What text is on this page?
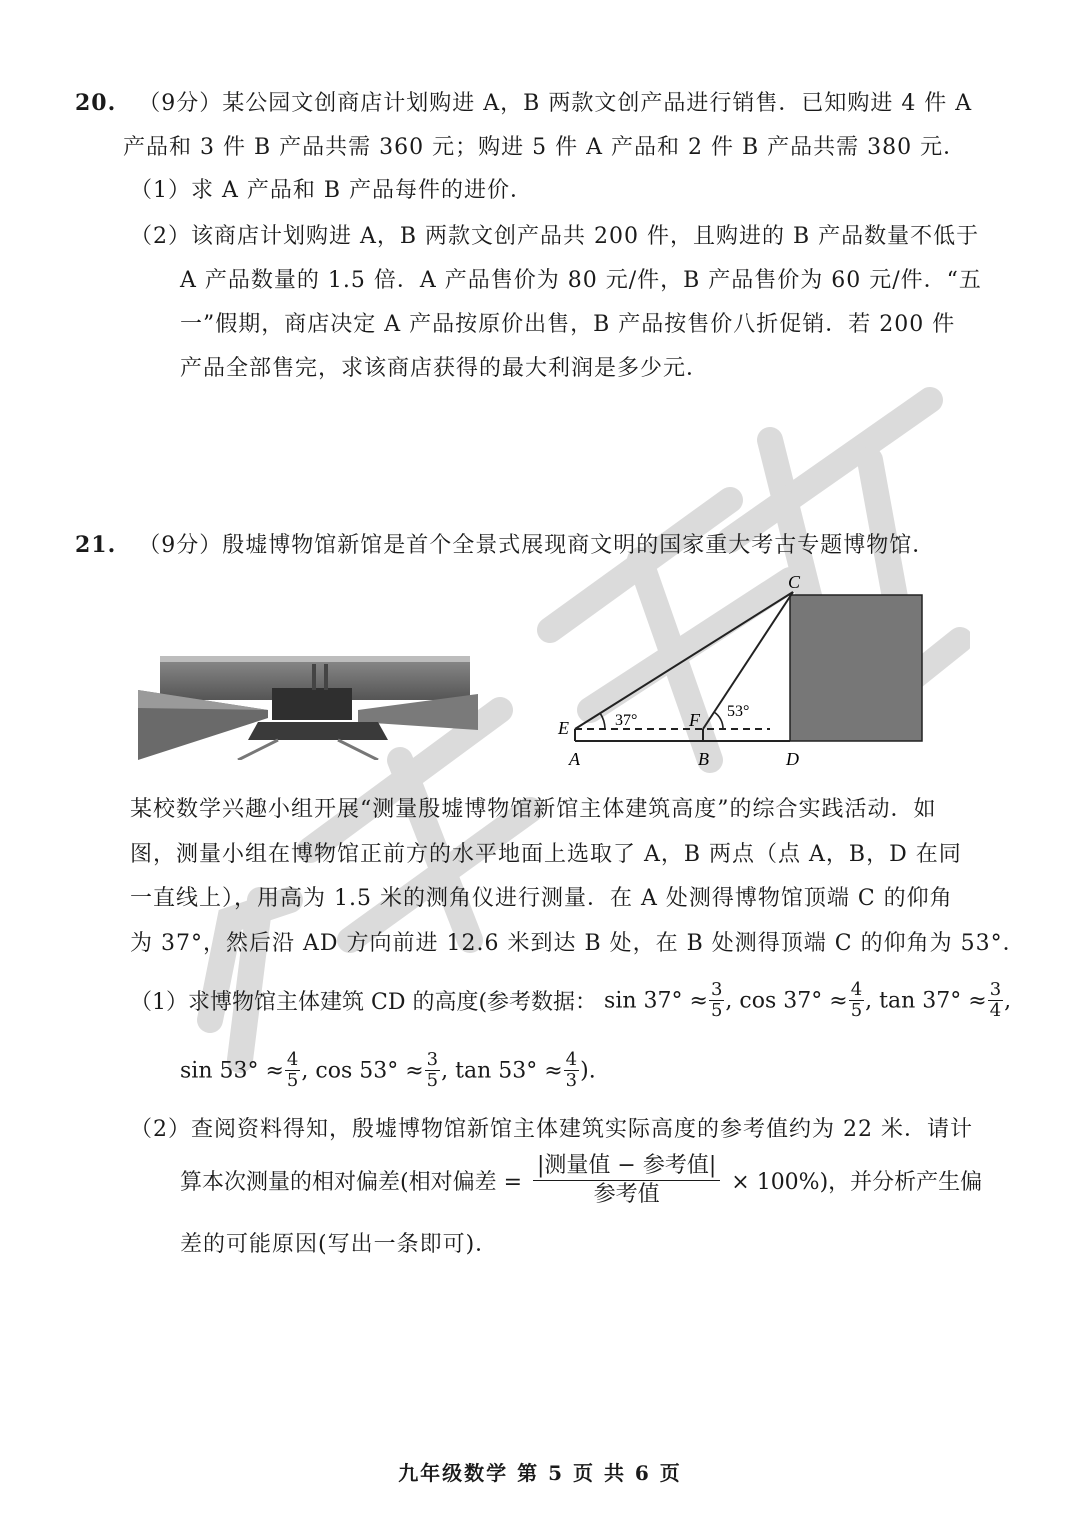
20. （9分）某公园文创商店计划购进 A，B 两款文创产品进行销售．已知购进 4 件 A
产品和 3 件 B 产品共需 360 元；购进 5 件 A 产品和 2 件 B 产品共需 380 元．
（1）求 A 产品和 B 产品每件的进价．
（2）该商店计划购进 A，B 两款文创产品共 200 件，且购进的 B 产品数量不低于
A 产品数量的 1.5 倍．A 产品售价为 80 元/件，B 产品售价为 60 元/件．“五
一”假期，商店决定 A 产品按原价出售，B 产品按售价八折促销．若 200 件
产品全部售完，求该商店获得的最大利润是多少元．
21. （9分）殷墟博物馆新馆是首个全景式展现商文明的国家重大考古专题博物馆．
C
E	F
A	B	D
37°
53°
某校数学兴趣小组开展“测量殷墟博物馆新馆主体建筑高度”的综合实践活动．如
图，测量小组在博物馆正前方的水平地面上选取了 A，B 两点（点 A，B，D 在同
一直线上），用高为 1.5 米的测角仪进行测量．在 A 处测得博物馆顶端 C 的仰角
为 37°，然后沿 AD 方向前进 12.6 米到达 B 处，在 B 处测得顶端 C 的仰角为 53°．
（1）求博物馆主体建筑 CD 的高度(参考数据： $\sin 37^\circ \approx \frac{3}{5}$ , $\cos 37^\circ \approx \frac{4}{5}$ , $\tan 37^\circ \approx \frac{3}{4}$ ,
$\sin 53^\circ \approx \frac{4}{5}$ , $\cos 53^\circ \approx \frac{3}{5}$ , $\tan 53^\circ \approx \frac{4}{3}$ ).
（2）查阅资料得知，殷墟博物馆新馆主体建筑实际高度的参考值约为 22 米．请计
算本次测量的相对偏差(相对偏差 =
|测量值 − 参考值|
参考值	× 100%)，并分析产生偏
差的可能原因(写出一条即可)．
九年级数学 第 5 页 共 6 页
